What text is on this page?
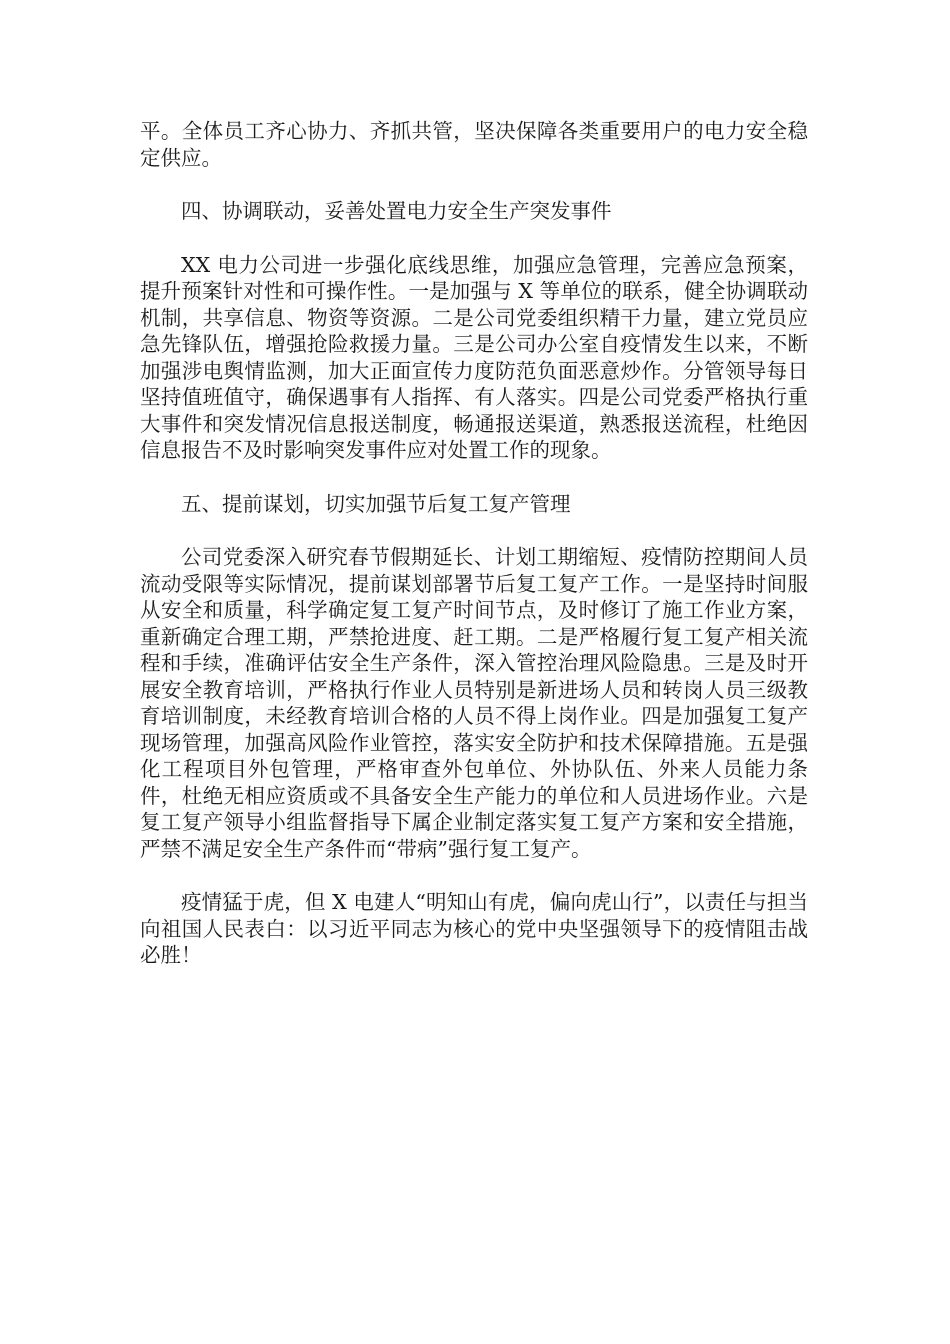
平。全体员工齐心协力、齐抓共管，坚决保障各类重要用户的电力安全稳定供应。

四、协调联动，妥善处置电力安全生产突发事件

XX 电力公司进一步强化底线思维，加强应急管理，完善应急预案，提升预案针对性和可操作性。一是加强与 X 等单位的联系，健全协调联动机制，共享信息、物资等资源。二是公司党委组织精干力量，建立党员应急先锋队伍，增强抢险救援力量。三是公司办公室自疫情发生以来，不断加强涉电舆情监测，加大正面宣传力度防范负面恶意炒作。分管领导每日坚持值班值守，确保遇事有人指挥、有人落实。四是公司党委严格执行重大事件和突发情况信息报送制度，畅通报送渠道，熟悉报送流程，杜绝因信息报告不及时影响突发事件应对处置工作的现象。

五、提前谋划，切实加强节后复工复产管理

公司党委深入研究春节假期延长、计划工期缩短、疫情防控期间人员流动受限等实际情况，提前谋划部署节后复工复产工作。一是坚持时间服从安全和质量，科学确定复工复产时间节点，及时修订了施工作业方案，重新确定合理工期，严禁抢进度、赶工期。二是严格履行复工复产相关流程和手续，准确评估安全生产条件，深入管控治理风险隐患。三是及时开展安全教育培训，严格执行作业人员特别是新进场人员和转岗人员三级教育培训制度，未经教育培训合格的人员不得上岗作业。四是加强复工复产现场管理，加强高风险作业管控，落实安全防护和技术保障措施。五是强化工程项目外包管理，严格审查外包单位、外协队伍、外来人员能力条件，杜绝无相应资质或不具备安全生产能力的单位和人员进场作业。六是复工复产领导小组监督指导下属企业制定落实复工复产方案和安全措施，严禁不满足安全生产条件而“带病”强行复工复产。

疫情猛于虎，但 X 电建人“明知山有虎，偏向虎山行”，以责任与担当向祖国人民表白：以习近平同志为核心的党中央坚强领导下的疫情阻击战必胜！
